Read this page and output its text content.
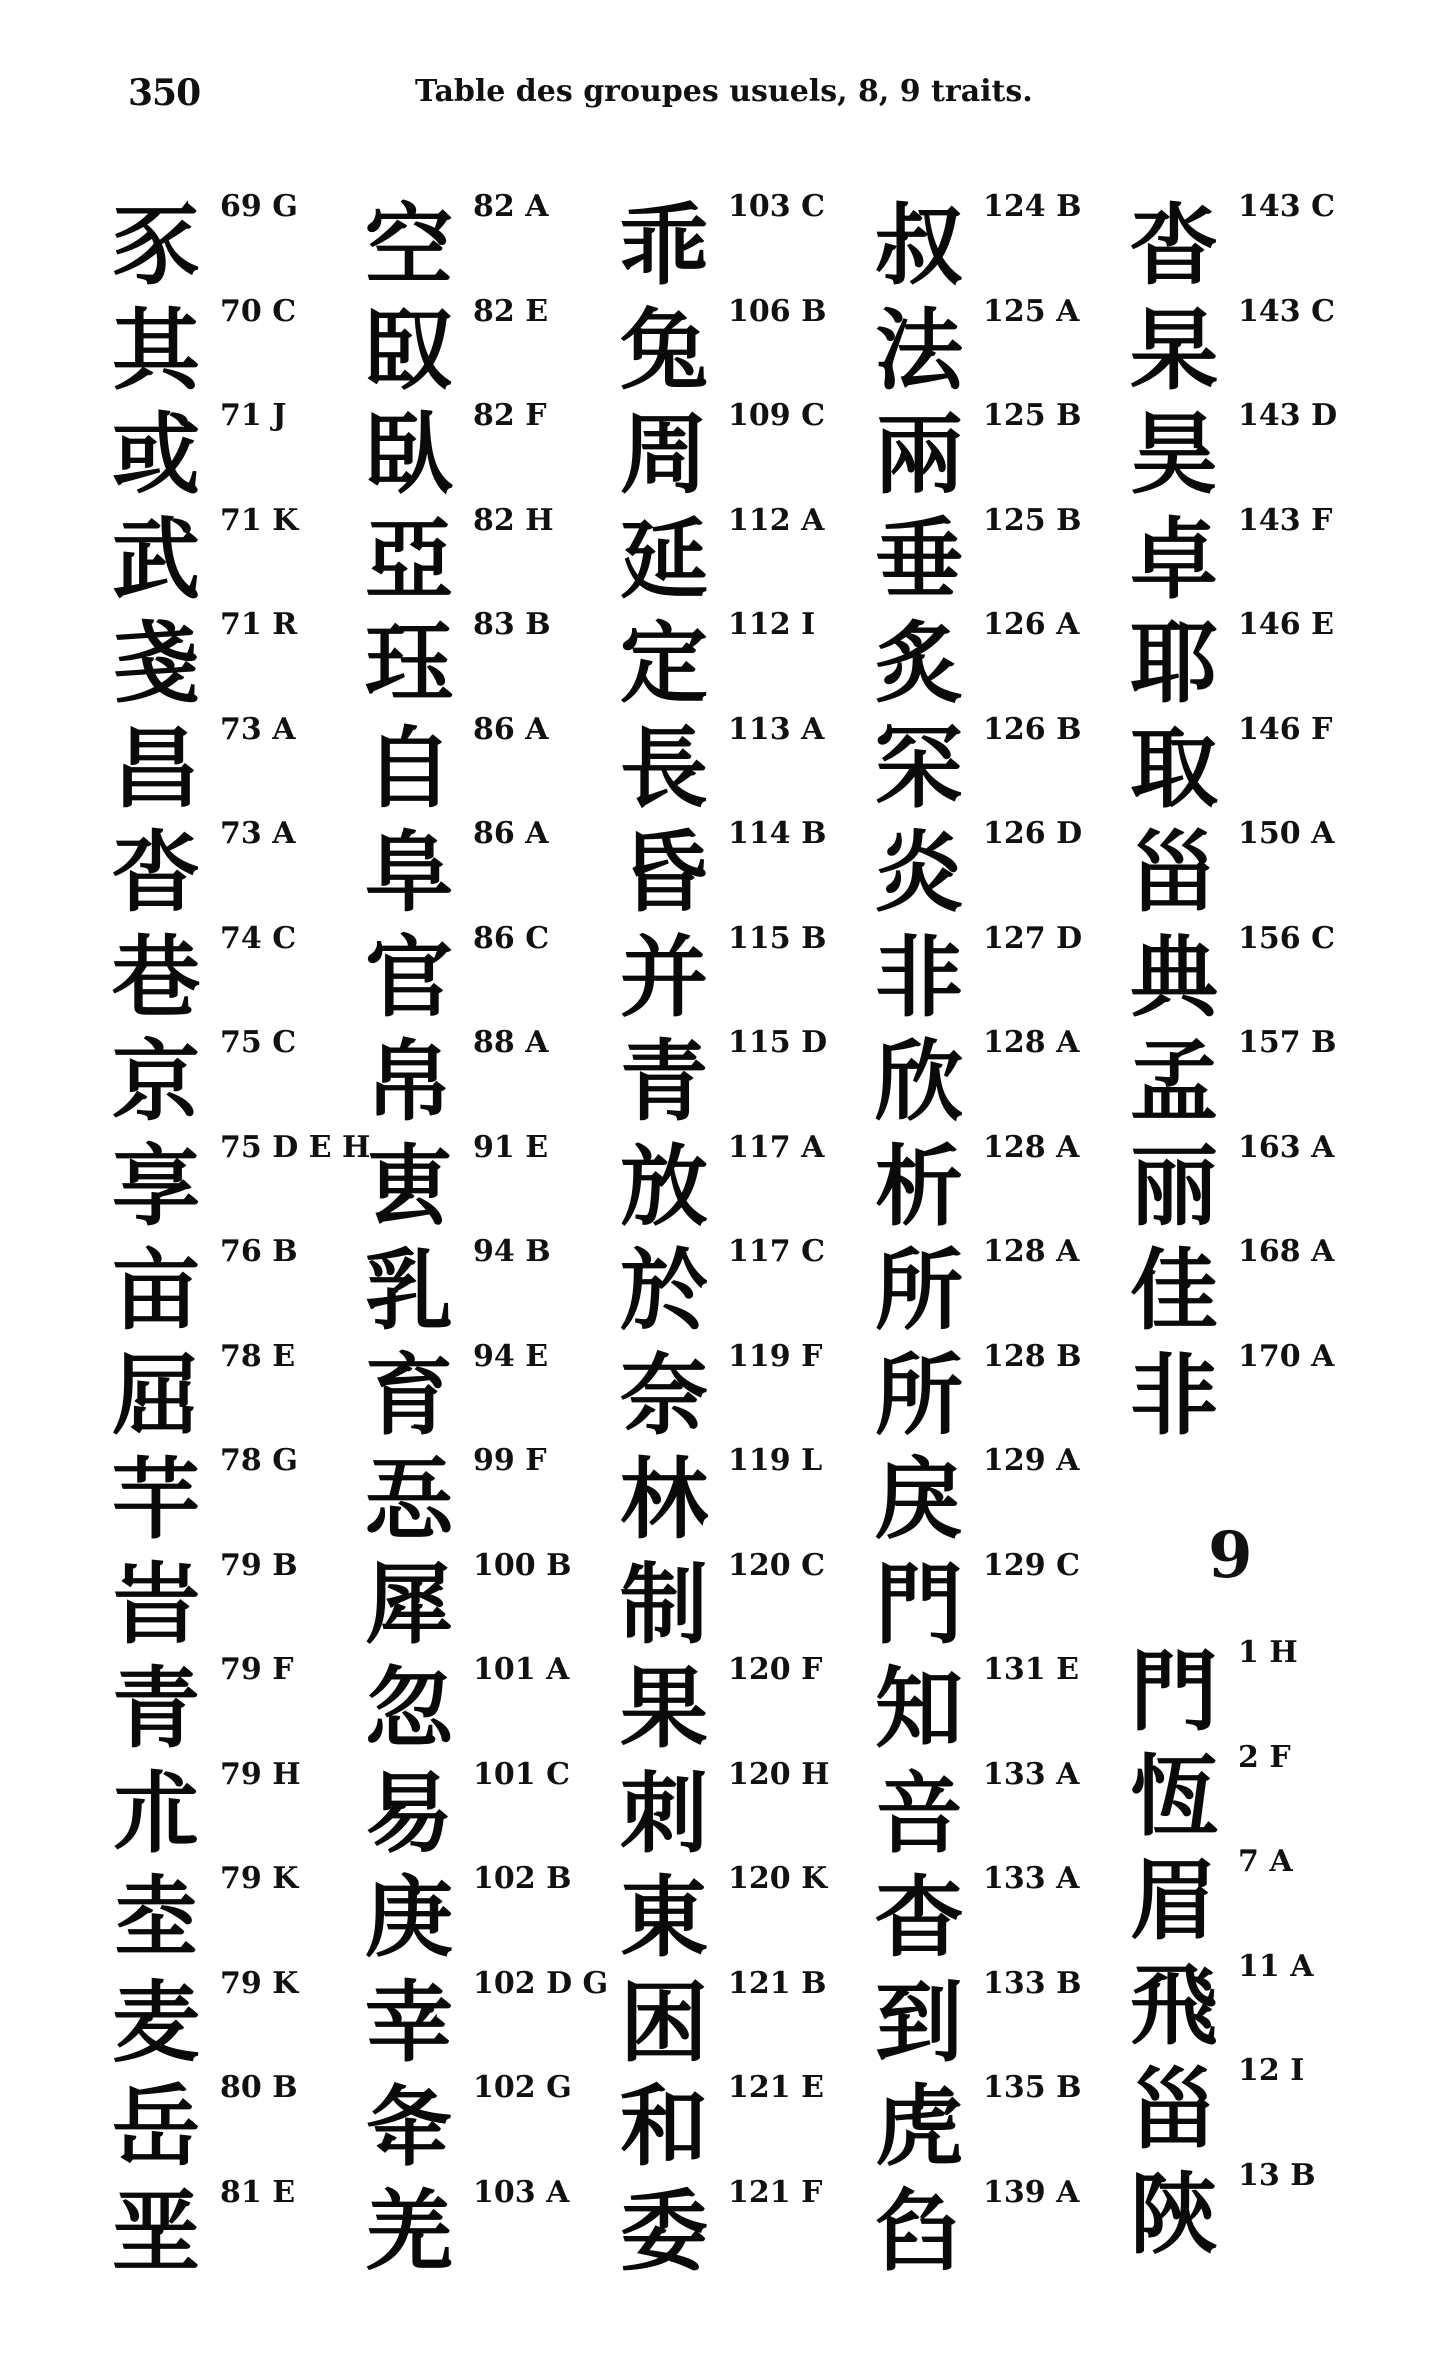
350	Table des groupes usuels, 8, 9 traits.
豕 69 G
其 70 C
或 71 J
武 71 K
戔 71 R
昌 73 A
沓 73 A
巷 74 C
京 75 C
享 75 D E H
亩 76 B
屈 78 E
芉 78 G
旹 79 B
青 79 F
朮 79 H
坴 79 K
麦 79 K
岳 80 B
垩 81 E
空 82 A
臤 82 E
臥 82 F
亞 82 H
珏 83 B
自 86 A
阜 86 A
官 86 C
帛 88 A
叀 91 E
乳 94 B
育 94 E
忢 99 F
犀 100 B
忽 101 A
易 101 C
庚 102 B
幸 102 D G
夅 102 G
羌 103 A
乖 103 C
兔 106 B
周 109 C
延 112 A
定 112 I
長 113 A
昏 114 B
并 115 B
青 115 D
放 117 A
於 117 C
奈 119 F
林 119 L
制 120 C
果 120 F
刺 120 H
東 120 K
困 121 B
和 121 E
委 121 F
叔 124 B
法 125 A
兩 125 B
垂 125 B
炙 126 A
罙 126 B
炎 126 D
非 127 D
欣 128 A
析 128 A
所 128 A
所 128 B
戾 129 A
門 129 C
知 131 E
咅 133 A
杳 133 A
到 133 B
虎 135 B
臽 139 A
沓 143 C
杲 143 C
昊 143 D
卓 143 F
耶 146 E
取 146 F
甾 150 A
典 156 C
孟 157 B
丽 163 A
佳 168 A
非 170 A
9
門 1 H
恆 2 F
眉 7 A
飛 11 A
甾 12 I
陝 13 B
